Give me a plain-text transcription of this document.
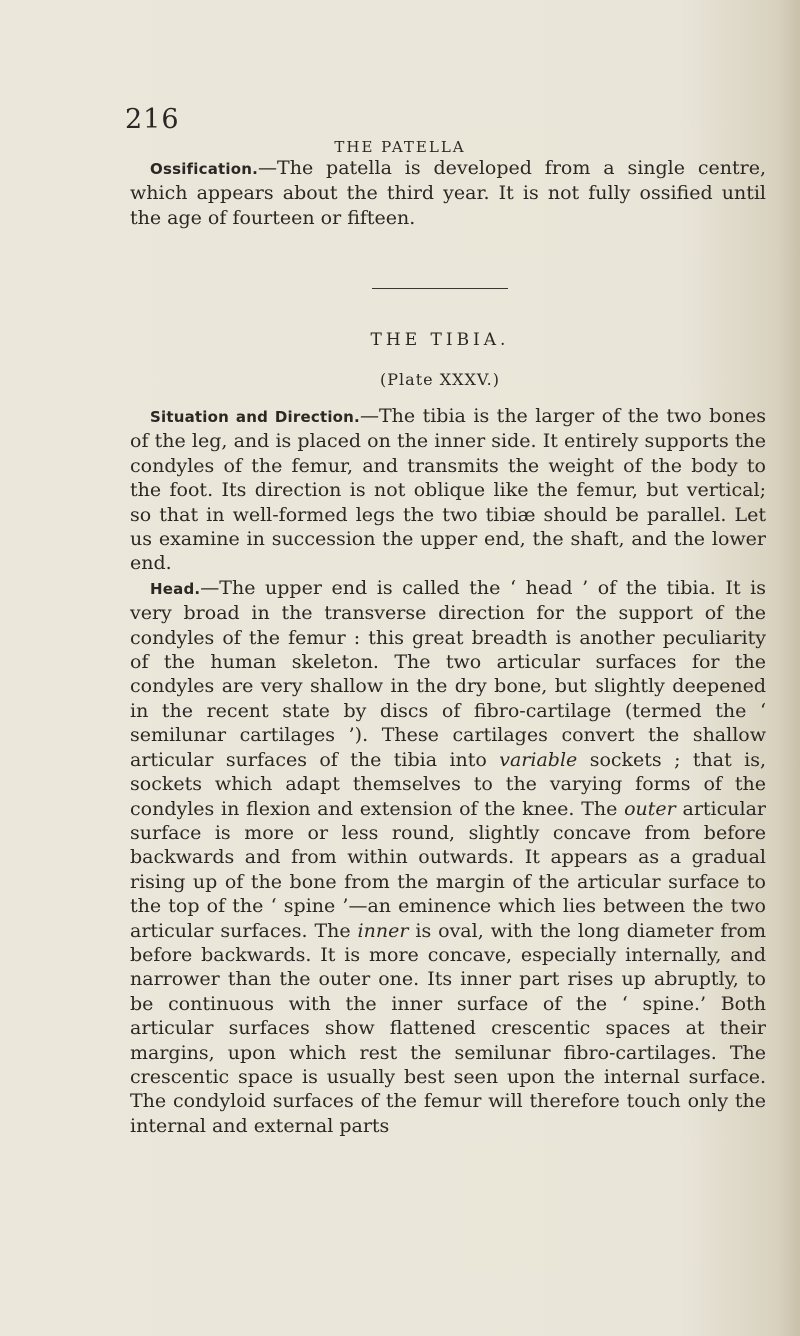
216
THE PATELLA

Ossification.—The patella is developed from a single centre, which appears about the third year. It is not fully ossified until the age of fourteen or fifteen.

THE TIBIA.
(Plate XXXV.)

Situation and Direction.—The tibia is the larger of the two bones of the leg, and is placed on the inner side. It entirely supports the condyles of the femur, and transmits the weight of the body to the foot. Its direction is not oblique like the femur, but vertical; so that in well-formed legs the two tibiæ should be parallel. Let us examine in succession the upper end, the shaft, and the lower end.

Head.—The upper end is called the ‘ head ’ of the tibia. It is very broad in the transverse direction for the support of the condyles of the femur : this great breadth is another peculiarity of the human skeleton. The two articular surfaces for the condyles are very shallow in the dry bone, but slightly deepened in the recent state by discs of fibro-cartilage (termed the ‘ semilunar cartilages ’). These cartilages convert the shallow articular surfaces of the tibia into variable sockets ; that is, sockets which adapt themselves to the varying forms of the condyles in flexion and extension of the knee. The outer articular surface is more or less round, slightly concave from before backwards and from within outwards. It appears as a gradual rising up of the bone from the margin of the articular surface to the top of the ‘ spine ’—an eminence which lies between the two articular surfaces. The inner is oval, with the long diameter from before backwards. It is more concave, especially internally, and narrower than the outer one. Its inner part rises up abruptly, to be continuous with the inner surface of the ‘ spine.’ Both articular surfaces show flattened crescentic spaces at their margins, upon which rest the semilunar fibro-cartilages. The crescentic space is usually best seen upon the internal surface. The condyloid surfaces of the femur will therefore touch only the internal and external parts
